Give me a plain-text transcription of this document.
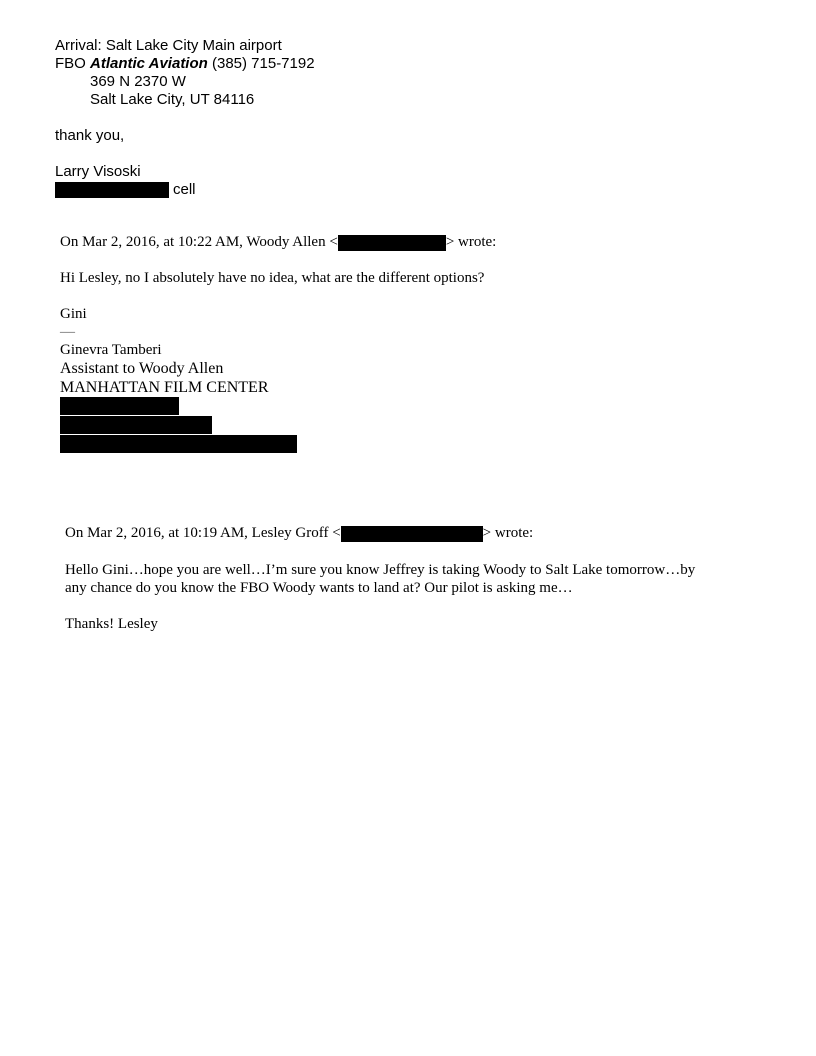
Arrival: Salt Lake City Main airport
FBO Atlantic Aviation (385) 715-7192
369 N 2370 W
Salt Lake City, UT 84116
thank you,
Larry Visoski
cell
On Mar 2, 2016, at 10:22 AM, Woody Allen <	> wrote:
Hi Lesley, no I absolutely have no idea, what are the different options?
Gini
—
Ginevra Tamberi
Assistant to Woody Allen
MANHATTAN FILM CENTER
On Mar 2, 2016, at 10:19 AM, Lesley Groff <	> wrote:
Hello Gini…hope you are well…I’m sure you know Jeffrey is taking Woody to Salt Lake tomorrow…by
any chance do you know the FBO Woody wants to land at? Our pilot is asking me…
Thanks! Lesley
